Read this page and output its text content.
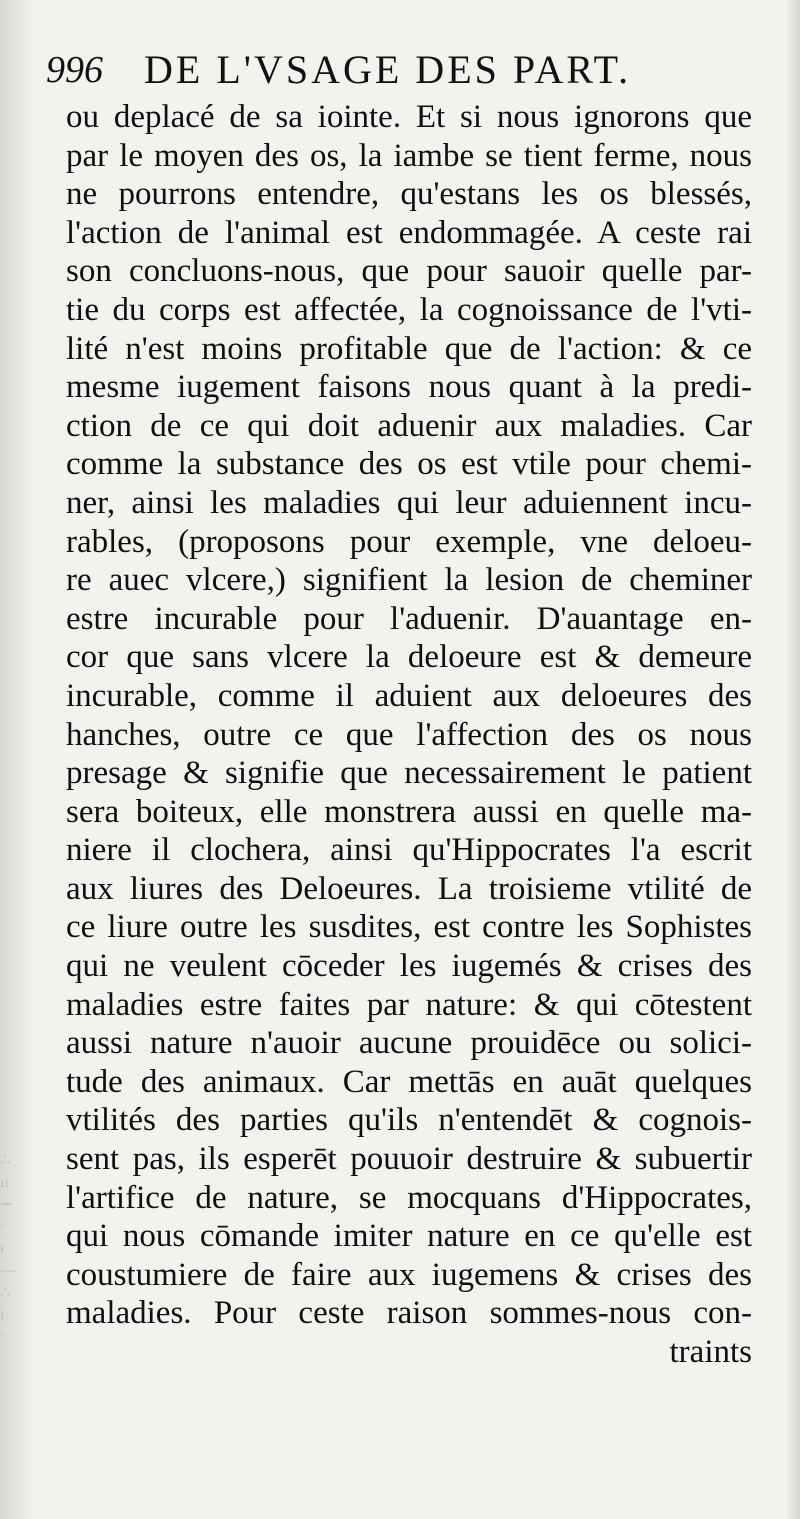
∴
ıı
∽
·
ı
—
∴
ı
·
996 DE L'VSAGE DES PART.
ou deplacé de sa iointe. Et si nous ignorons que
par le moyen des os, la iambe se tient ferme, nous
ne pourrons entendre, qu'estans les os blessés,
l'action de l'animal est endommagée. A ceste rai
son concluons-nous, que pour sauoir quelle par-
tie du corps est affectée, la cognoissance de l'vti-
lité n'est moins profitable que de l'action: & ce
mesme iugement faisons nous quant à la predi-
ction de ce qui doit aduenir aux maladies. Car
comme la substance des os est vtile pour chemi-
ner, ainsi les maladies qui leur aduiennent incu-
rables, (proposons pour exemple, vne deloeu-
re auec vlcere,) signifient la lesion de cheminer
estre incurable pour l'aduenir. D'auantage en-
cor que sans vlcere la deloeure est & demeure
incurable, comme il aduient aux deloeures des
hanches, outre ce que l'affection des os nous
presage & signifie que necessairement le patient
sera boiteux, elle monstrera aussi en quelle ma-
niere il clochera, ainsi qu'Hippocrates l'a escrit
aux liures des Deloeures. La troisieme vtilité de
ce liure outre les susdites, est contre les Sophistes
qui ne veulent cōceder les iugemés & crises des
maladies estre faites par nature: & qui cōtestent
aussi nature n'auoir aucune prouidēce ou solici-
tude des animaux. Car mettās en auāt quelques
vtilités des parties qu'ils n'entendēt & cognois-
sent pas, ils esperēt pouuoir destruire & subuertir
l'artifice de nature, se mocquans d'Hippocrates,
qui nous cōmande imiter nature en ce qu'elle est
coustumiere de faire aux iugemens & crises des
maladies. Pour ceste raison sommes-nous con-
traints
